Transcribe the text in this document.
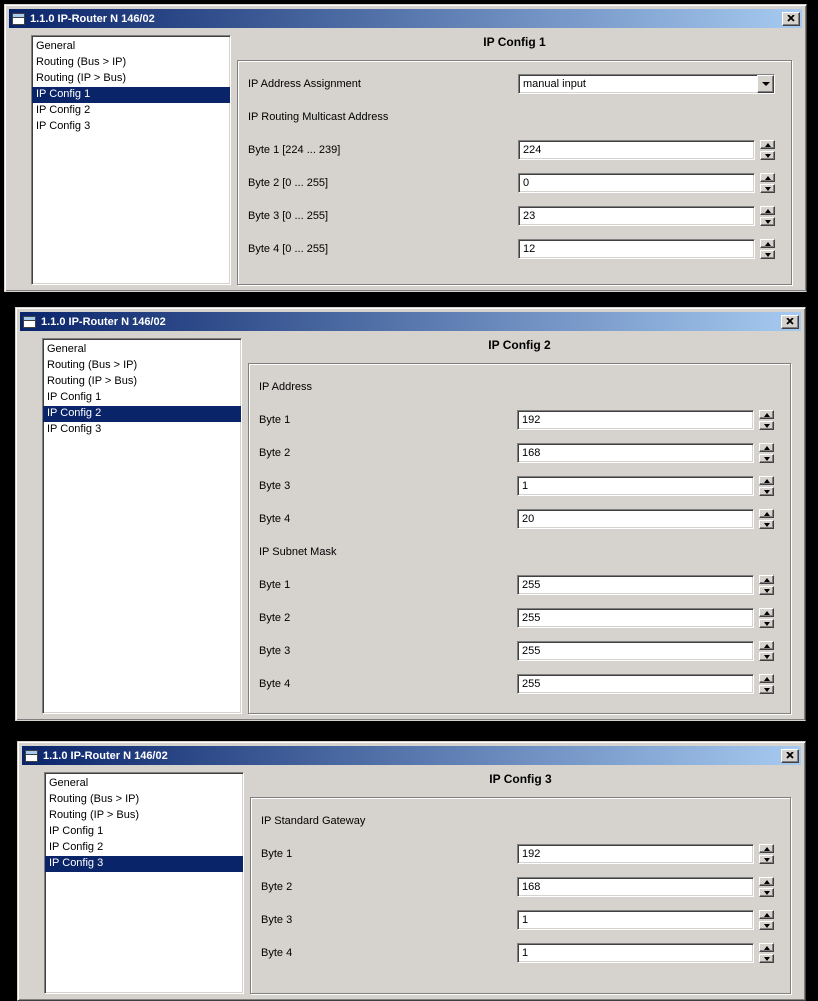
1.1.0 IP-Router N 146/02
General
Routing (Bus > IP)
Routing (IP > Bus)
IP Config 1
IP Config 2
IP Config 3
IP Config 1
IP Address Assignment	manual input
IP Routing Multicast Address
Byte 1 [224 ... 239]	224
Byte 2 [0 ... 255]	0
Byte 3 [0 ... 255]	23
Byte 4 [0 ... 255]	12
1.1.0 IP-Router N 146/02
General
Routing (Bus > IP)
Routing (IP > Bus)
IP Config 1
IP Config 2
IP Config 3
IP Config 2
IP Address
Byte 1	192
Byte 2	168
Byte 3	1
Byte 4	20
IP Subnet Mask
Byte 1	255
Byte 2	255
Byte 3	255
Byte 4	255
1.1.0 IP-Router N 146/02
General
Routing (Bus > IP)
Routing (IP > Bus)
IP Config 1
IP Config 2
IP Config 3
IP Config 3
IP Standard Gateway
Byte 1	192
Byte 2	168
Byte 3	1
Byte 4	1
